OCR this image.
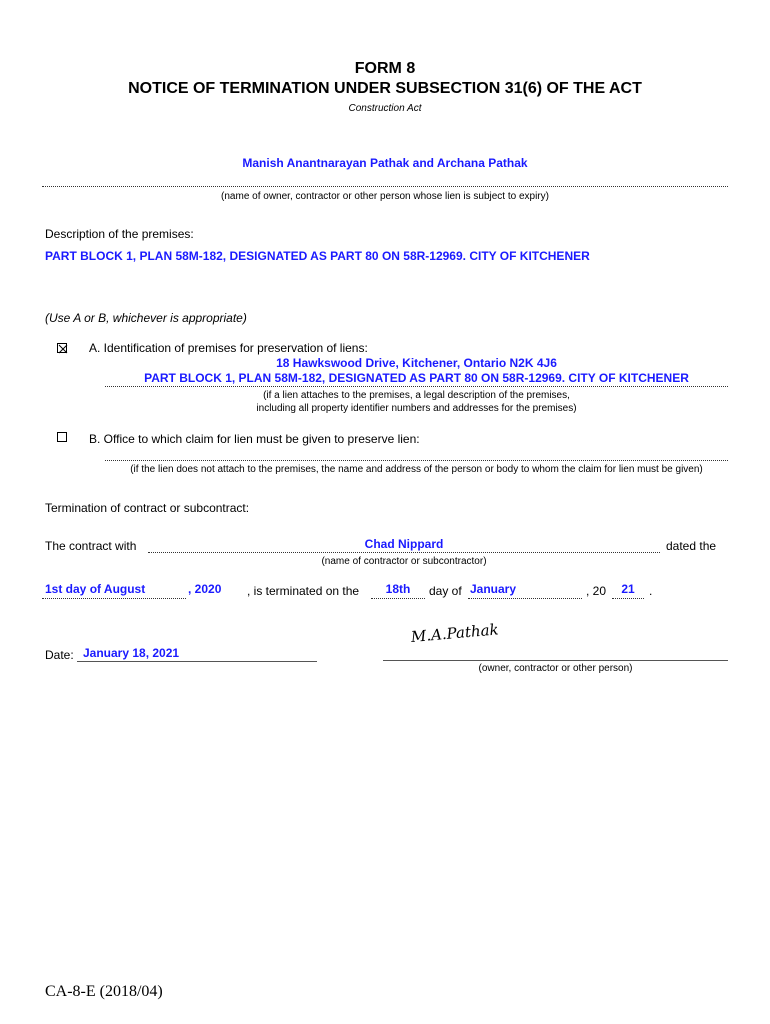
FORM 8
NOTICE OF TERMINATION UNDER SUBSECTION 31(6) OF THE ACT
Construction Act
Manish Anantnarayan Pathak and Archana Pathak
(name of owner, contractor or other person whose lien is subject to expiry)
Description of the premises:
PART BLOCK 1, PLAN 58M-182, DESIGNATED AS PART 80 ON 58R-12969. CITY OF KITCHENER
(Use A or B, whichever is appropriate)
A. Identification of premises for preservation of liens:
18 Hawkswood Drive, Kitchener, Ontario N2K 4J6
PART BLOCK 1, PLAN 58M-182, DESIGNATED AS PART 80 ON 58R-12969. CITY OF KITCHENER
(if a lien attaches to the premises, a legal description of the premises,
including all property identifier numbers and addresses for the premises)
B. Office to which claim for lien must be given to preserve lien:
(if the lien does not attach to the premises, the name and address of the person or body to whom the claim for lien must be given)
Termination of contract or subcontract:
The contract with	Chad Nippard	dated the
(name of contractor or subcontractor)
1st day of August	, 2020 , is terminated on the	18th	day of January	, 20	21	.
Date: January 18, 2021
M.A.Pathak
(owner, contractor or other person)
CA-8-E (2018/04)
